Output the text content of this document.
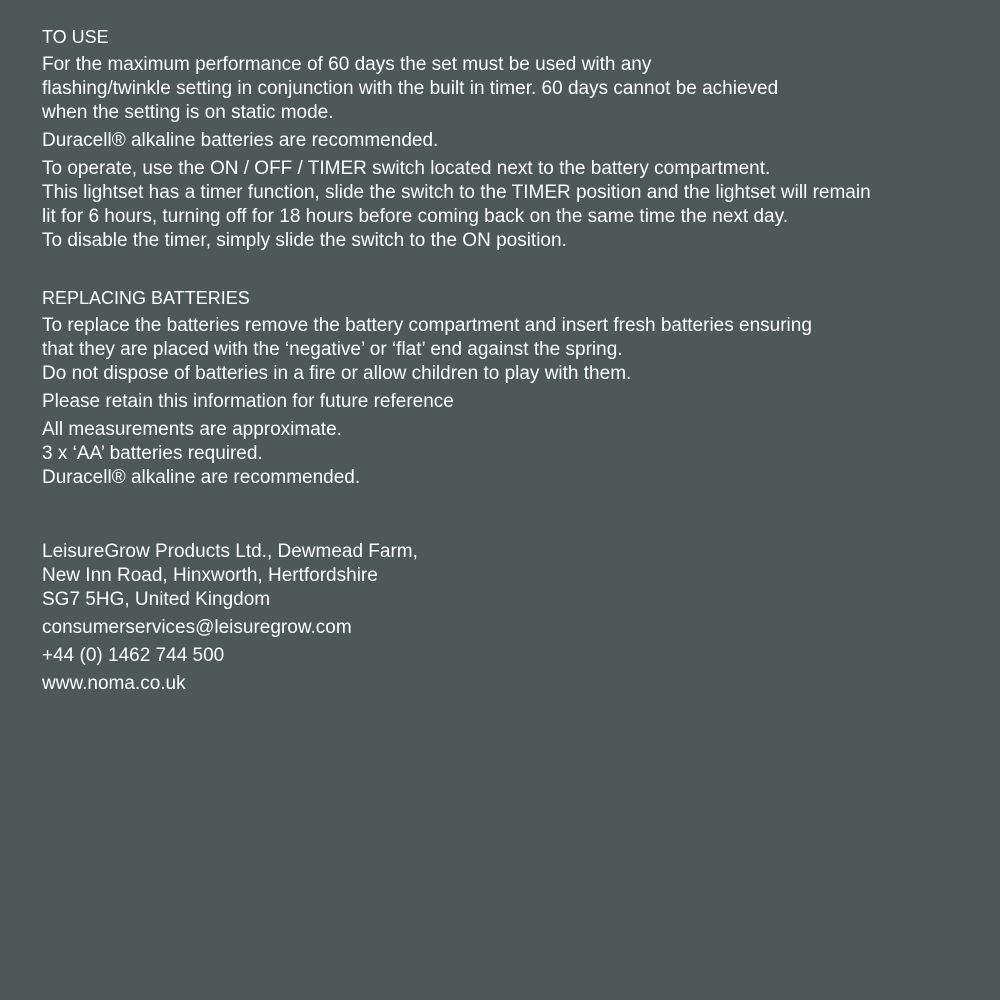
TO USE
For the maximum performance of 60 days the set must be used with any
flashing/twinkle setting in conjunction with the built in timer. 60 days cannot be achieved
when the setting is on static mode.
Duracell® alkaline batteries are recommended.
To operate, use the ON / OFF / TIMER switch located next to the battery compartment.
This lightset has a timer function, slide the switch to the TIMER position and the lightset will remain
lit for 6 hours, turning off for 18 hours before coming back on the same time the next day.
To disable the timer, simply slide the switch to the ON position.
REPLACING BATTERIES
To replace the batteries remove the battery compartment and insert fresh batteries ensuring
that they are placed with the ‘negative’ or ‘flat’ end against the spring.
Do not dispose of batteries in a fire or allow children to play with them.
Please retain this information for future reference
All measurements are approximate.
3 x ‘AA’ batteries required.
Duracell® alkaline are recommended.
LeisureGrow Products Ltd., Dewmead Farm,
New Inn Road, Hinxworth, Hertfordshire
SG7 5HG, United Kingdom
consumerservices@leisuregrow.com
+44 (0) 1462 744 500
www.noma.co.uk
